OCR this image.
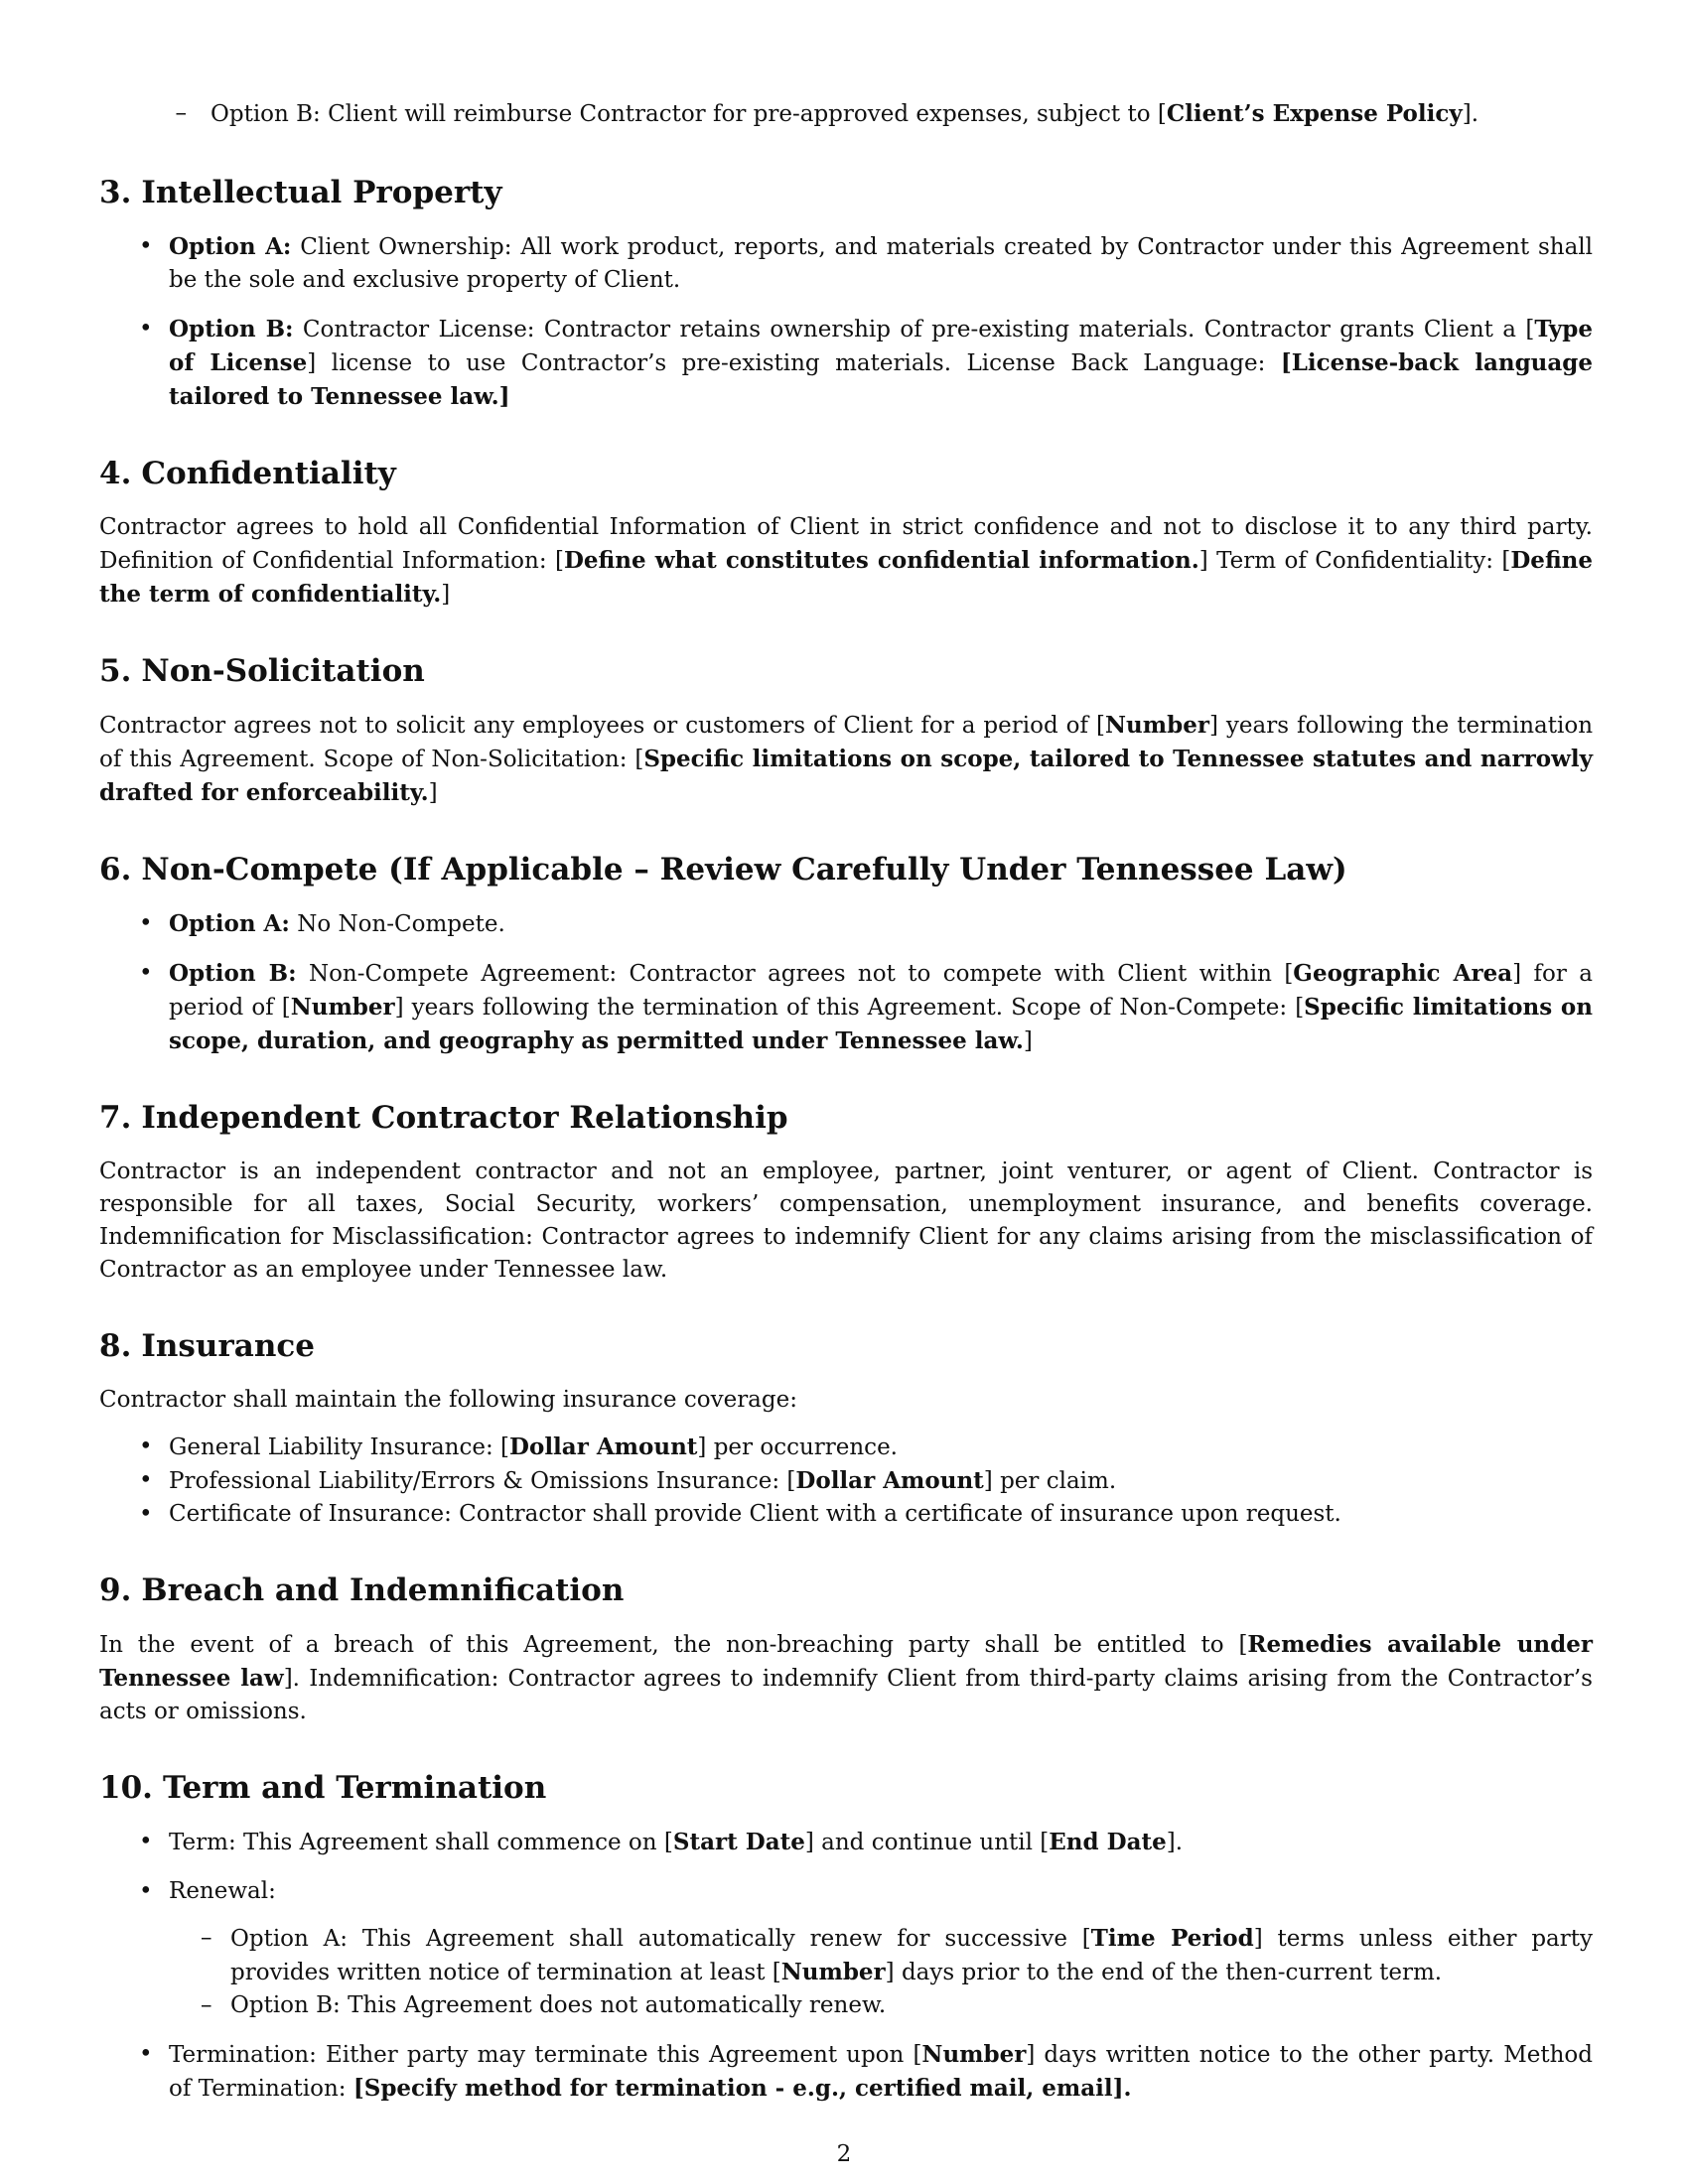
–	Option B: Client will reimburse Contractor for pre-approved expenses, subject to [Client’s Expense Policy].

3. Intellectual Property
• Option A: Client Ownership: All work product, reports, and materials created by Contractor under this Agreement shall be the sole and exclusive property of Client.
• Option B: Contractor License: Contractor retains ownership of pre-existing materials. Contractor grants Client a [Type of License] license to use Contractor’s pre-existing materials. License Back Language: [License-back language tailored to Tennessee law.]
4. Confidentiality

Contractor agrees to hold all Confidential Information of Client in strict confidence and not to disclose it to any third party. Definition of Confidential Information: [Define what constitutes confidential information.] Term of Confidentiality: [Define the term of confidentiality.]

5. Non-Solicitation

Contractor agrees not to solicit any employees or customers of Client for a period of [Number] years following the termination of this Agreement. Scope of Non-Solicitation: [Specific limitations on scope, tailored to Tennessee statutes and narrowly drafted for enforceability.]

6. Non-Compete (If Applicable – Review Carefully Under Tennessee Law)
• Option A: No Non-Compete.
• Option B: Non-Compete Agreement: Contractor agrees not to compete with Client within [Geographic Area] for a period of [Number] years following the termination of this Agreement. Scope of Non-Compete: [Specific limitations on scope, duration, and geography as permitted under Tennessee law.]
7. Independent Contractor Relationship

Contractor is an independent contractor and not an employee, partner, joint venturer, or agent of Client. Contractor is responsible for all taxes, Social Security, workers’ compensation, unemployment insurance, and benefits coverage. Indemnification for Misclassification: Contractor agrees to indemnify Client for any claims arising from the misclassification of Contractor as an employee under Tennessee law.

8. Insurance

Contractor shall maintain the following insurance coverage:

• General Liability Insurance: [Dollar Amount] per occurrence.
• Professional Liability/Errors & Omissions Insurance: [Dollar Amount] per claim.
• Certificate of Insurance: Contractor shall provide Client with a certificate of insurance upon request.
9. Breach and Indemnification

In the event of a breach of this Agreement, the non-breaching party shall be entitled to [Remedies available under Tennessee law]. Indemnification: Contractor agrees to indemnify Client from third-party claims arising from the Contractor’s acts or omissions.

10. Term and Termination
• Term: This Agreement shall commence on [Start Date] and continue until [End Date].
• Renewal:
– Option A: This Agreement shall automatically renew for successive [Time Period] terms unless either party provides written notice of termination at least [Number] days prior to the end of the then-current term.
– Option B: This Agreement does not automatically renew.
• Termination: Either party may terminate this Agreement upon [Number] days written notice to the other party. Method of Termination: [Specify method for termination - e.g., certified mail, email].
2
